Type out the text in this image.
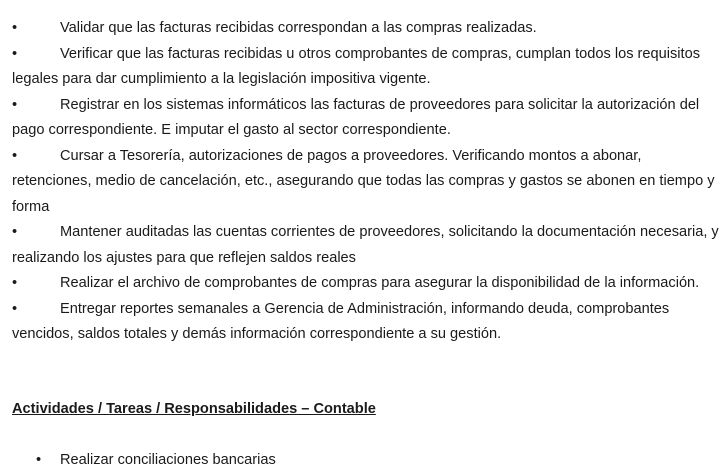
•	Validar que las facturas recibidas correspondan a las compras realizadas.

•	Verificar que las facturas recibidas u otros comprobantes de compras, cumplan todos los requisitos legales para dar cumplimiento a la legislación impositiva vigente.

•	Registrar en los sistemas informáticos las facturas de proveedores para solicitar la autorización del pago correspondiente. E imputar el gasto al sector correspondiente.

•	Cursar a Tesorería, autorizaciones de pagos a proveedores. Verificando montos a abonar, retenciones, medio de cancelación, etc., asegurando que todas las compras y gastos se abonen en tiempo y forma

•	Mantener auditadas las cuentas corrientes de proveedores, solicitando la documentación necesaria, y realizando los ajustes para que reflejen saldos reales

•	Realizar el archivo de comprobantes de compras para asegurar la disponibilidad de la información.

•	Entregar reportes semanales a Gerencia de Administración, informando deuda, comprobantes vencidos, saldos totales y demás información correspondiente a su gestión.

Actividades / Tareas / Responsabilidades – Contable
• Realizar conciliaciones bancarias
